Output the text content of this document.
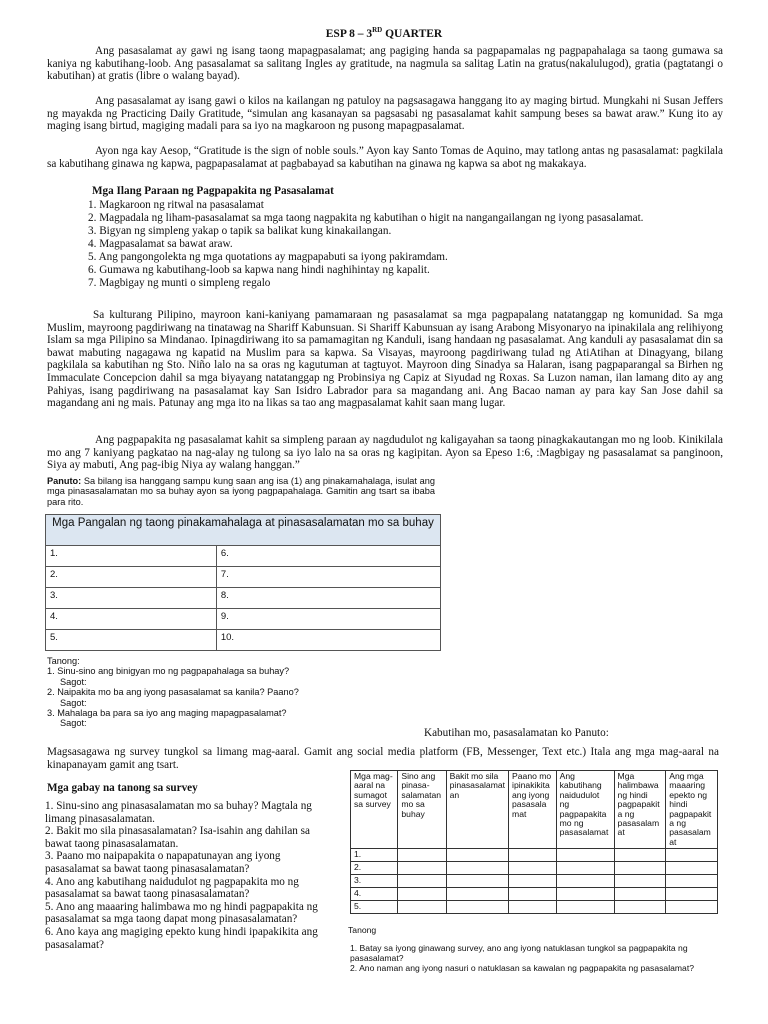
ESP 8 – 3RD QUARTER
Ang pasasalamat ay gawi ng isang taong mapagpasalamat; ang pagiging handa sa pagpapamalas ng pagpapahalaga sa taong gumawa sa kaniya ng kabutihang-loob. Ang pasasalamat sa salitang Ingles ay gratitude, na nagmula sa salitag Latin na gratus(nakalulugod), gratia (pagtatangi o kabutihan) at gratis (libre o walang bayad).
Ang pasasalamat ay isang gawi o kilos na kailangan ng patuloy na pagsasagawa hanggang ito ay maging birtud. Mungkahi ni Susan Jeffers ng mayakda ng Practicing Daily Gratitude, “simulan ang kasanayan sa pagsasabi ng pasasalamat kahit sampung beses sa bawat araw.” Kung ito ay maging isang birtud, magiging madali para sa iyo na magkaroon ng pusong mapagpasalamat.
Ayon nga kay Aesop, “Gratitude is the sign of noble souls.” Ayon kay Santo Tomas de Aquino, may tatlong antas ng pasasalamat: pagkilala sa kabutihang ginawa ng kapwa, pagpapasalamat at pagbabayad sa kabutihan na ginawa ng kapwa sa abot ng makakaya.
Mga Ilang Paraan ng Pagpapakita ng Pasasalamat
1. Magkaroon ng ritwal na pasasalamat
2. Magpadala ng liham-pasasalamat sa mga taong nagpakita ng kabutihan o higit na nangangailangan ng iyong pasasalamat.
3. Bigyan ng simpleng yakap o tapik sa balikat kung kinakailangan.
4. Magpasalamat sa bawat araw.
5. Ang pangongolekta ng mga quotations ay magpapabuti sa iyong pakiramdam.
6. Gumawa ng kabutihang-loob sa kapwa nang hindi naghihintay ng kapalit.
7. Magbigay ng munti o simpleng regalo
Sa kulturang Pilipino, mayroon kani-kaniyang pamamaraan ng pasasalamat sa mga pagpapalang natatanggap ng komunidad. Sa mga Muslim, mayroong pagdiriwang na tinatawag na Shariff Kabunsuan. Si Shariff Kabunsuan ay isang Arabong Misyonaryo na ipinakilala ang relihiyong Islam sa mga Pilipino sa Mindanao. Ipinagdiriwang ito sa pamamagitan ng Kanduli, isang handaan ng pasasalamat. Ang kanduli ay pasasalamat din sa bawat mabuting nagagawa ng kapatid na Muslim para sa kapwa. Sa Visayas, mayroong pagdiriwang tulad ng AtiAtihan at Dinagyang, bilang pagkilala sa kabutihan ng Sto. Niño lalo na sa oras ng kagutuman at tagtuyot. Mayroon ding Sinadya sa Halaran, isang pagpaparangal sa Birhen ng Immaculate Concepcion dahil sa mga biyayang natatanggap ng Probinsiya ng Capiz at Siyudad ng Roxas. Sa Luzon naman, ilan lamang dito ay ang Pahiyas, isang pagdiriwang na pasasalamat kay San Isidro Labrador para sa magandang ani. Ang Bacao naman ay para kay San Jose dahil sa magandang ani ng mais. Patunay ang mga ito na likas sa tao ang magpasalamat kahit saan mang lugar.
Ang pagpapakita ng pasasalamat kahit sa simpleng paraan ay nagdudulot ng kaligayahan sa taong pinagkakautangan mo ng loob. Kinikilala mo ang 7 kaniyang pagkatao na nag-alay ng tulong sa iyo lalo na sa oras ng kagipitan. Ayon sa Epeso 1:6, :Magbigay ng pasasalamat sa panginoon, Siya ay mabuti, Ang pag-ibig Niya ay walang hanggan.”
Panuto: Sa bilang isa hanggang sampu kung saan ang isa (1) ang pinakamahalaga, isulat ang mga pinasasalamatan mo sa buhay ayon sa iyong pagpapahalaga. Gamitin ang tsart sa ibaba para rito.
Mga Pangalan ng taong pinakamahalaga at pinasasalamatan mo sa buhay	
1.	6.
2.	7.
3.	8.
4.	9.
5.	10.
Tanong:
1. Sinu-sino ang binigyan mo ng pagpapahalaga sa buhay?
Sagot:
2. Naipakita mo ba ang iyong pasasalamat sa kanila? Paano?
Sagot:
3. Mahalaga ba para sa iyo ang maging mapagpasalamat?
Sagot:
Kabutihan mo, pasasalamatan ko Panuto:
Magsasagawa ng survey tungkol sa limang mag-aaral. Gamit ang social media platform (FB, Messenger, Text etc.) Itala ang mga mag-aaral na kinapanayam gamit ang tsart.
Mga gabay na tanong sa survey
1. Sinu-sino ang pinasasalamatan mo sa buhay? Magtala ng limang pinasasalamatan.
2. Bakit mo sila pinasasalamatan? Isa-isahin ang dahilan sa bawat taong pinasasalamatan.
3. Paano mo naipapakita o napapatunayan ang iyong pasasalamat sa bawat taong pinasasalamatan?
4. Ano ang kabutihang naidudulot ng pagpapakita mo ng pasasalamat sa bawat taong pinasasalamatan?
5. Ano ang maaaring halimbawa mo ng hindi pagpapakita ng pasasalamat sa mga taong dapat mong pinasasalamatan?
6. Ano kaya ang magiging epekto kung hindi ipapakikita ang pasasalamat?
Mga mag-aaral na sumagot sa survey	Sino ang pinasa-salamatan mo sa buhay	Bakit mo sila pinasasalamat an	Paano mo ipinakikita ang iyong pasasala mat	Ang kabutihang naidudulot ng pagpapakita mo ng pasasalamat	Mga halimbawa ng hindi pagpapakit a ng pasasalam at	Ang mga maaaring epekto ng hindi pagpapakit a ng pasasalam at
1.						
2.						
3.						
4.						
5.						
Tanong
1. Batay sa iyong ginawang survey, ano ang iyong natuklasan tungkol sa pagpapakita ng pasasalamat?
2. Ano naman ang iyong nasuri o natuklasan sa kawalan ng pagpapakita ng pasasalamat?
